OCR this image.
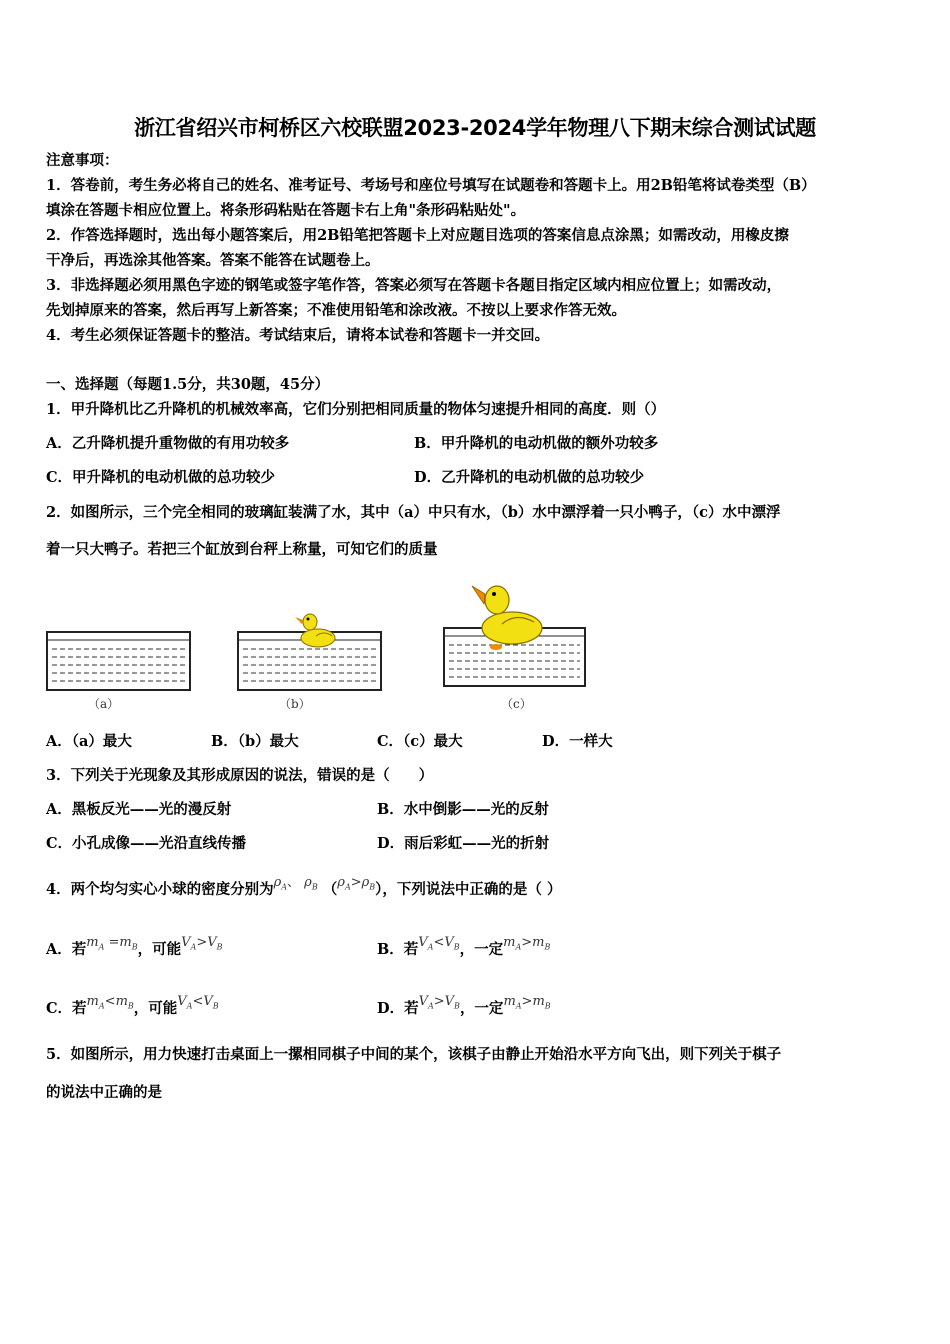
浙江省绍兴市柯桥区六校联盟2023-2024学年物理八下期末综合测试试题
注意事项：
1．答卷前，考生务必将自己的姓名、准考证号、考场号和座位号填写在试题卷和答题卡上。用2B铅笔将试卷类型（B）
填涂在答题卡相应位置上。将条形码粘贴在答题卡右上角"条形码粘贴处"。
2．作答选择题时，选出每小题答案后，用2B铅笔把答题卡上对应题目选项的答案信息点涂黑；如需改动，用橡皮擦
干净后，再选涂其他答案。答案不能答在试题卷上。
3．非选择题必须用黑色字迹的钢笔或签字笔作答，答案必须写在答题卡各题目指定区域内相应位置上；如需改动，
先划掉原来的答案，然后再写上新答案；不准使用铅笔和涂改液。不按以上要求作答无效。
4．考生必须保证答题卡的整洁。考试结束后，请将本试卷和答题卡一并交回。
一、选择题（每题1.5分，共30题，45分）
1．甲升降机比乙升降机的机械效率高，它们分别把相同质量的物体匀速提升相同的高度．则（）
A．乙升降机提升重物做的有用功较多	B．甲升降机的电动机做的额外功较多
C．甲升降机的电动机做的总功较少	D．乙升降机的电动机做的总功较少
2．如图所示，三个完全相同的玻璃缸装满了水，其中（a）中只有水，（b）水中漂浮着一只小鸭子，（c）水中漂浮
着一只大鸭子。若把三个缸放到台秤上称量，可知它们的质量
（a）	（b）	（c）
A．（a）最大	B．（b）最大	C．（c）最大	D．一样大
3．下列关于光现象及其形成原因的说法，错误的是（　　）
A．黑板反光——光的漫反射	B．水中倒影——光的反射
C．小孔成像——光沿直线传播	D．雨后彩虹——光的折射
4．两个均匀实心小球的密度分别为$\rho_A$、 $\rho_B$ $(\rho_A>\rho_B)$，下列说法中正确的是（ ）
A．若$m_A =m_B$，可能$V_A>V_B$	B．若$V_A<V_B$，一定$m_A>m_B$
C．若$m_A<m_B$，可能$V_A<V_B$	D．若$V_A>V_B$，一定$m_A>m_B$
5．如图所示，用力快速打击桌面上一摞相同棋子中间的某个，该棋子由静止开始沿水平方向飞出，则下列关于棋子
的说法中正确的是
